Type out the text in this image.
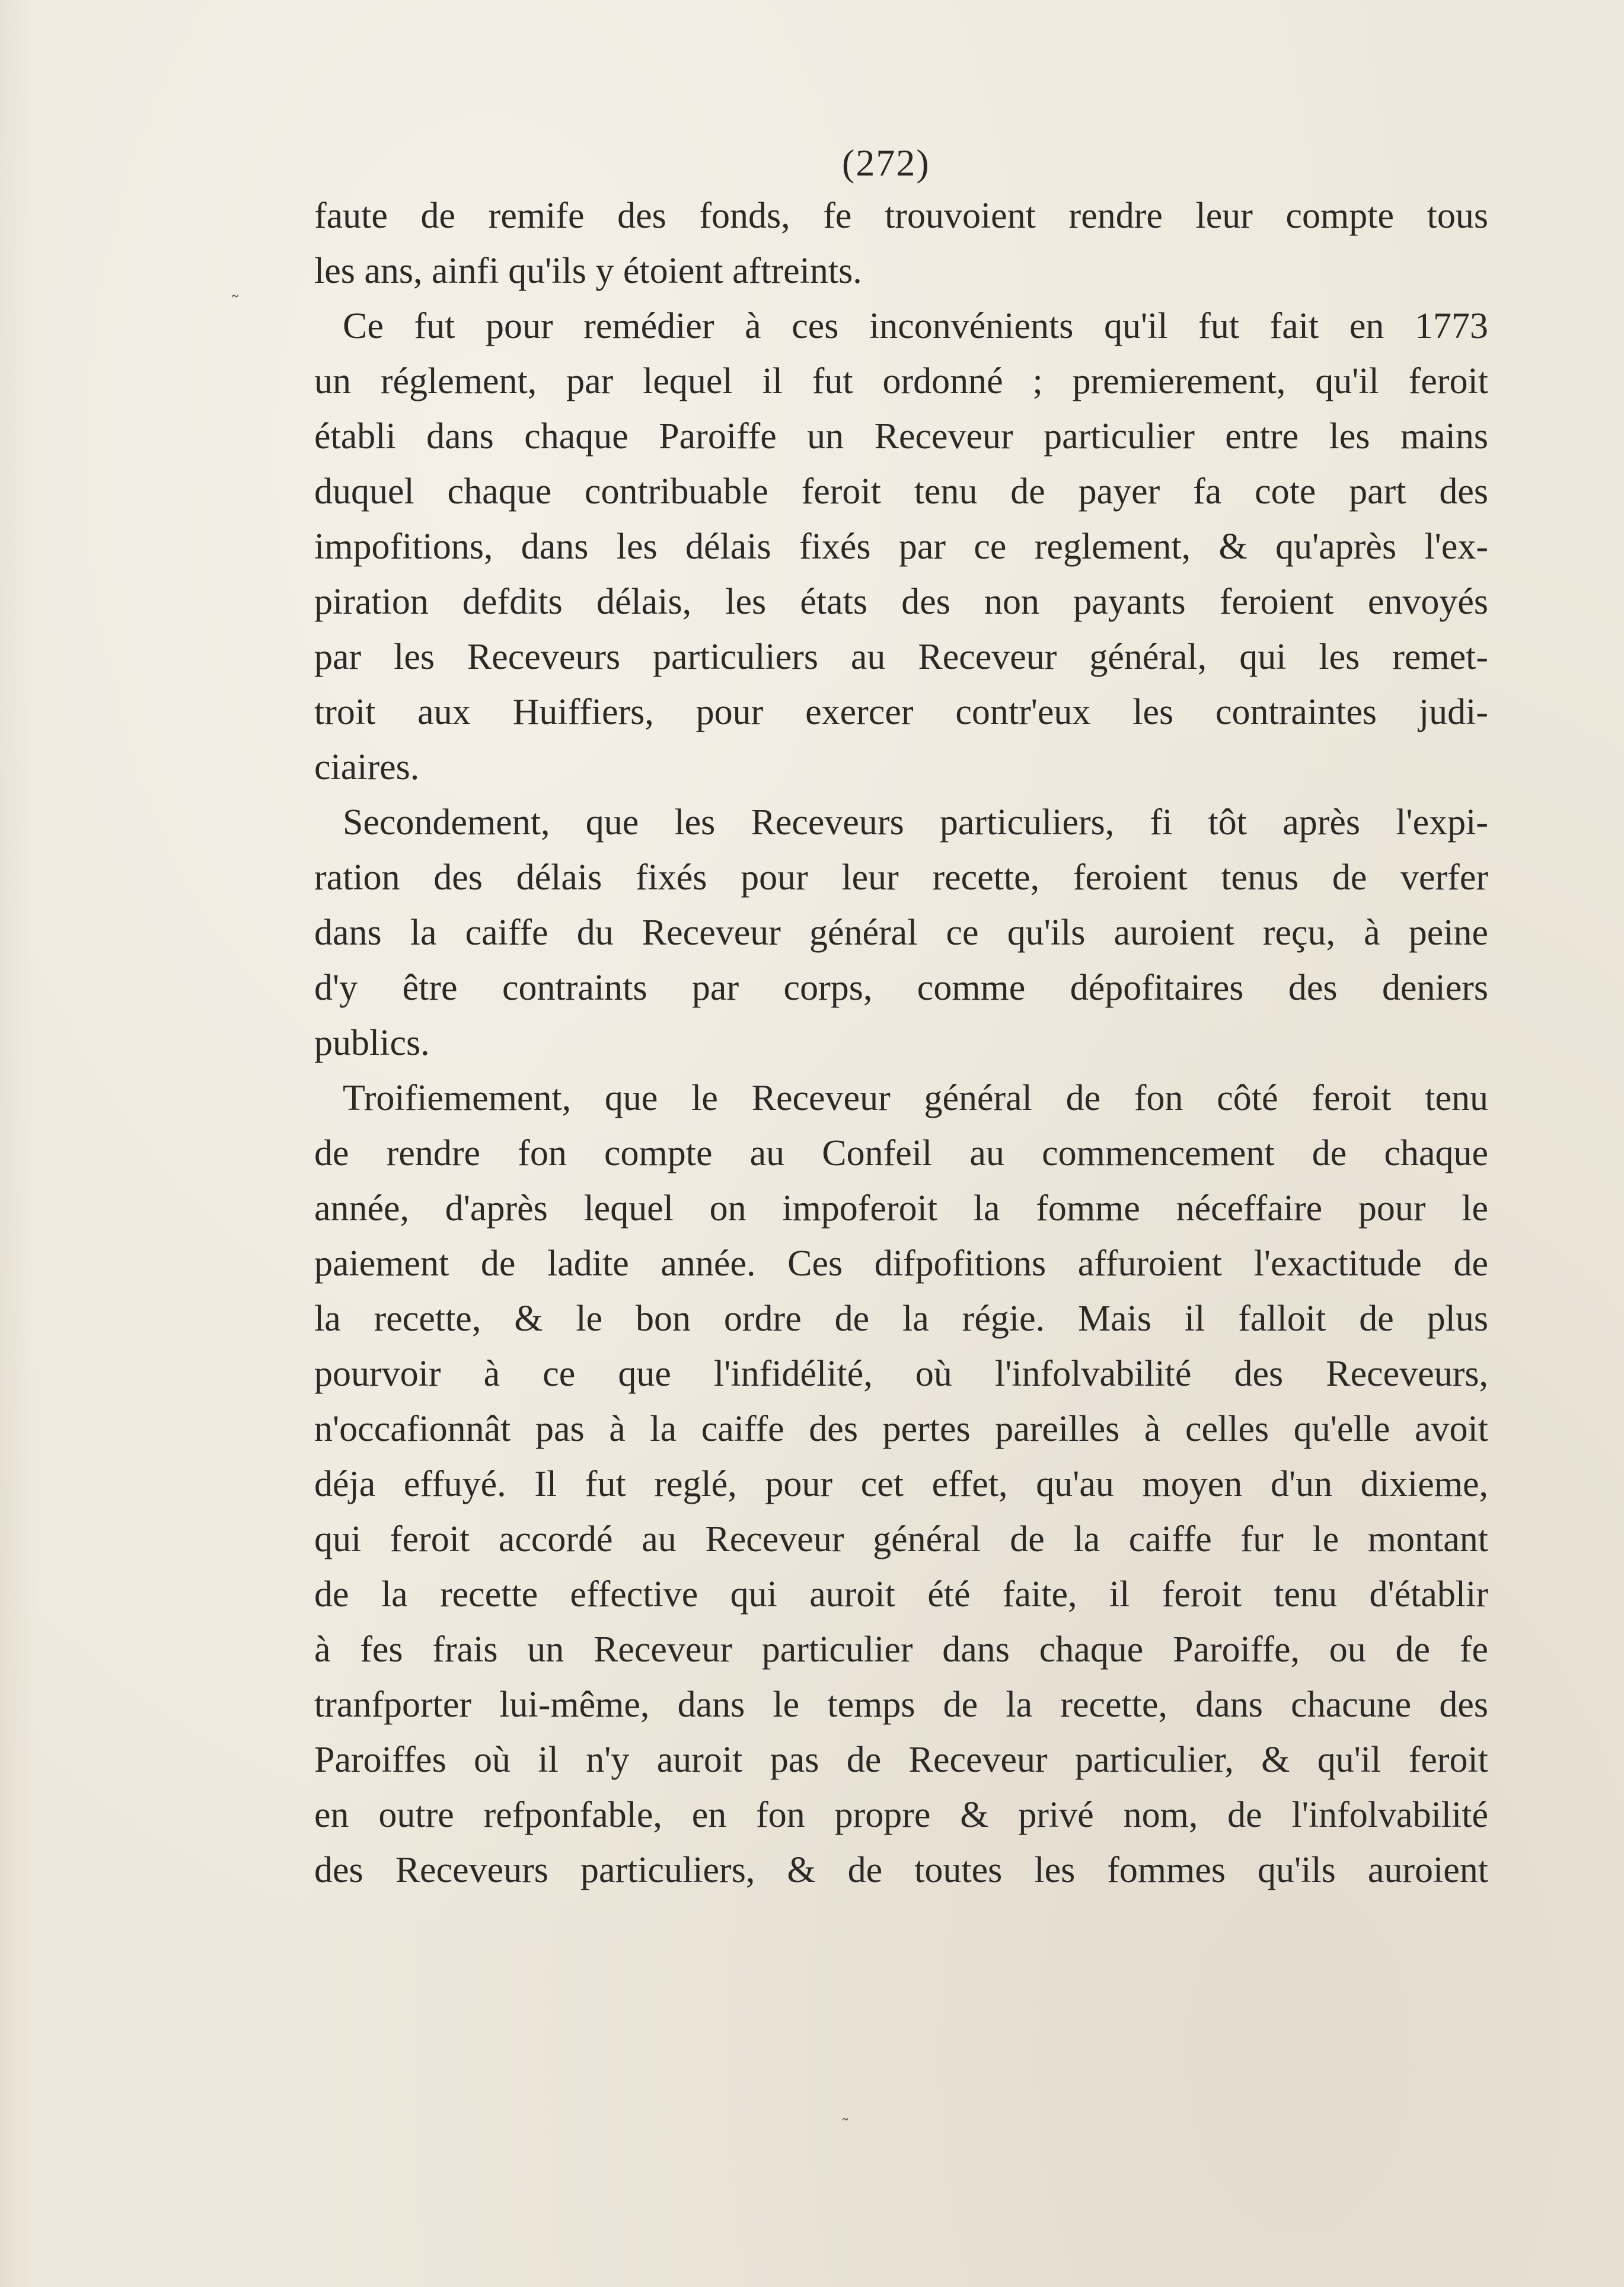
(272)
faute de remife des fonds, fe trouvoient rendre leur compte tous
les ans, ainfi qu'ils y étoient aftreints.
Ce fut pour remédier à ces inconvénients qu'il fut fait en 1773
un réglement, par lequel il fut ordonné ; premierement, qu'il feroit
établi dans chaque Paroiffe un Receveur particulier entre les mains
duquel chaque contribuable feroit tenu de payer fa cote part des
impofitions, dans les délais fixés par ce reglement, & qu'après l'ex-
piration defdits délais, les états des non payants feroient envoyés
par les Receveurs particuliers au Receveur général, qui les remet-
troit aux Huiffiers, pour exercer contr'eux les contraintes judi-
ciaires.
Secondement, que les Receveurs particuliers, fi tôt après l'expi-
ration des délais fixés pour leur recette, feroient tenus de verfer
dans la caiffe du Receveur général ce qu'ils auroient reçu, à peine
d'y être contraints par corps, comme dépofitaires des deniers
publics.
Troifiemement, que le Receveur général de fon côté feroit tenu
de rendre fon compte au Confeil au commencement de chaque
année, d'après lequel on impoferoit la fomme néceffaire pour le
paiement de ladite année. Ces difpofitions affuroient l'exactitude de
la recette, & le bon ordre de la régie. Mais il falloit de plus
pourvoir à ce que l'infidélité, où l'infolvabilité des Receveurs,
n'occafionnât pas à la caiffe des pertes pareilles à celles qu'elle avoit
déja effuyé. Il fut reglé, pour cet effet, qu'au moyen d'un dixieme,
qui feroit accordé au Receveur général de la caiffe fur le montant
de la recette effective qui auroit été faite, il feroit tenu d'établir
à fes frais un Receveur particulier dans chaque Paroiffe, ou de fe
tranfporter lui-même, dans le temps de la recette, dans chacune des
Paroiffes où il n'y auroit pas de Receveur particulier, & qu'il feroit
en outre refponfable, en fon propre & privé nom, de l'infolvabilité
des Receveurs particuliers, & de toutes les fommes qu'ils auroient
˜
˜
